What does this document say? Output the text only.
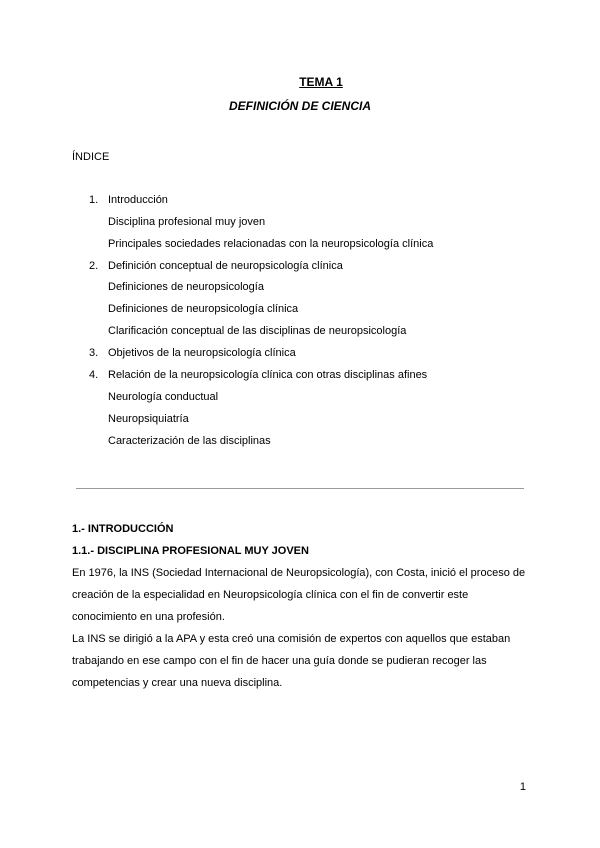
TEMA 1
DEFINICIÓN DE CIENCIA
ÍNDICE
1. Introducción
Disciplina profesional muy joven
Principales sociedades relacionadas con la neuropsicología clínica
2. Definición conceptual de neuropsicología clínica
Definiciones de neuropsicología
Definiciones de neuropsicología clínica
Clarificación conceptual de las disciplinas de neuropsicología
3. Objetivos de la neuropsicología clínica
4. Relación de la neuropsicología clínica con otras disciplinas afines
Neurología conductual
Neuropsiquiatría
Caracterización de las disciplinas
1.- INTRODUCCIÓN
1.1.- DISCIPLINA PROFESIONAL MUY JOVEN
En 1976, la INS (Sociedad Internacional de Neuropsicología), con Costa, inició el proceso de
creación de la especialidad en Neuropsicología clínica con el fin de convertir este
conocimiento en una profesión.
La INS se dirigió a la APA y esta creó una comisión de expertos con aquellos que estaban
trabajando en ese campo con el fin de hacer una guía donde se pudieran recoger las
competencias y crear una nueva disciplina.
1
